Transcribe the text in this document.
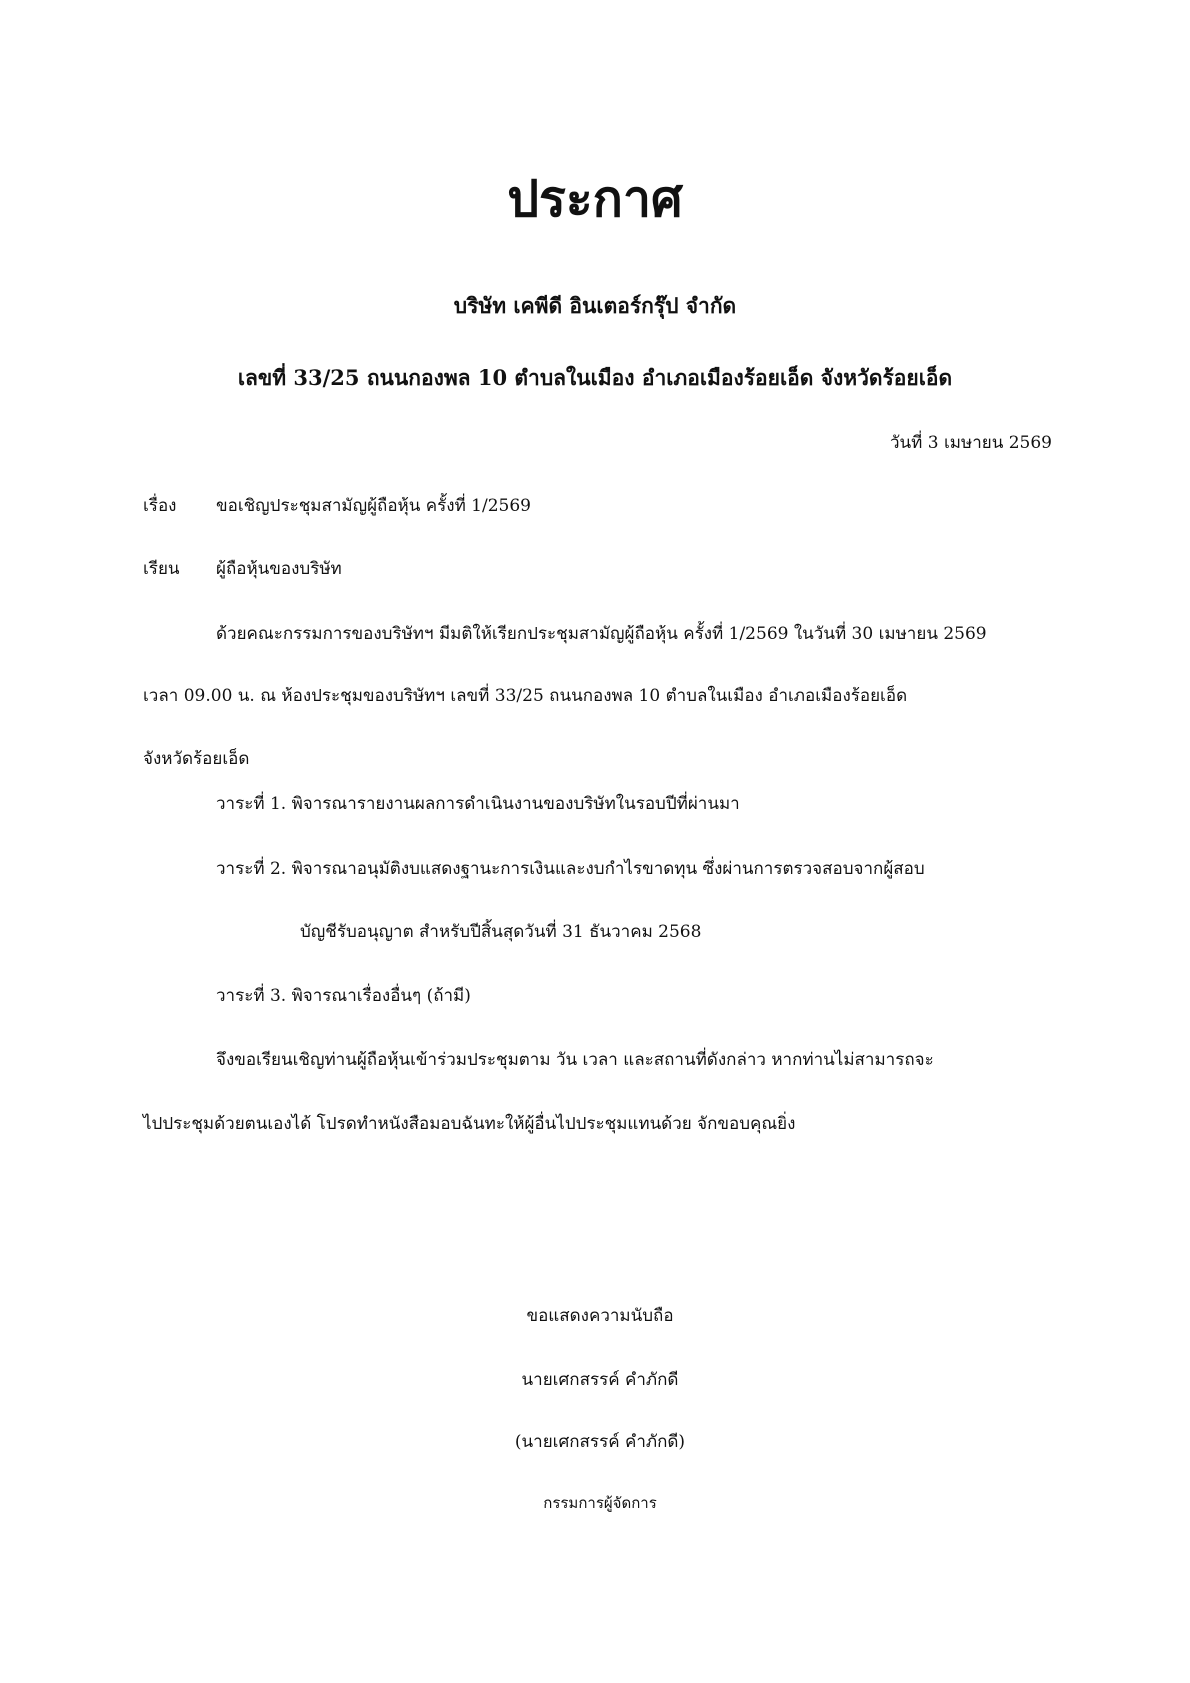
ประกาศ

บริษัท เคพีดี อินเตอร์กรุ๊ป จำกัด

เลขที่ 33/25 ถนนกองพล 10 ตำบลในเมือง อำเภอเมืองร้อยเอ็ด จังหวัดร้อยเอ็ด

วันที่ 3 เมษายน 2569

เรื่อง ขอเชิญประชุมสามัญผู้ถือหุ้น ครั้งที่ 1/2569
เรียน ผู้ถือหุ้นของบริษัท

ด้วยคณะกรรมการของบริษัทฯ มีมติให้เรียกประชุมสามัญผู้ถือหุ้น ครั้งที่ 1/2569 ในวันที่ 30 เมษายน 2569

เวลา 09.00 น. ณ ห้องประชุมของบริษัทฯ เลขที่ 33/25 ถนนกองพล 10 ตำบลในเมือง อำเภอเมืองร้อยเอ็ด

จังหวัดร้อยเอ็ด

วาระที่ 1. พิจารณารายงานผลการดำเนินงานของบริษัทในรอบปีที่ผ่านมา

วาระที่ 2. พิจารณาอนุมัติงบแสดงฐานะการเงินและงบกำไรขาดทุน ซึ่งผ่านการตรวจสอบจากผู้สอบ

บัญชีรับอนุญาต สำหรับปีสิ้นสุดวันที่ 31 ธันวาคม 2568

วาระที่ 3. พิจารณาเรื่องอื่นๆ (ถ้ามี)

จึงขอเรียนเชิญท่านผู้ถือหุ้นเข้าร่วมประชุมตาม วัน เวลา และสถานที่ดังกล่าว หากท่านไม่สามารถจะ

ไปประชุมด้วยตนเองได้ โปรดทำหนังสือมอบฉันทะให้ผู้อื่นไปประชุมแทนด้วย จักขอบคุณยิ่ง

ขอแสดงความนับถือ

นายเศกสรรค์ คำภักดี

(นายเศกสรรค์ คำภักดี)

กรรมการผู้จัดการ
